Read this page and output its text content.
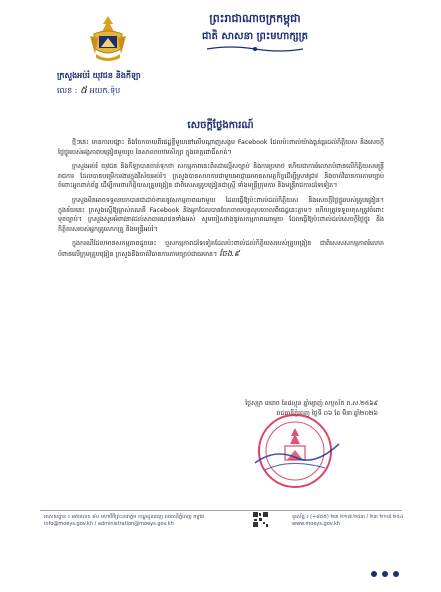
ព្រះរាជាណាចក្រកម្ពុជា
ជាតិ សាសនា ព្រះមហាក្សត្រ
ក្រសួងអប់រំ យុវជន និងកីឡា
លេខ : ៥ អយក.ទ៉ុប
សេចក្តីថ្លែងការណ៍

ថ្មីៗនេះ មានការបង្ហោះ និងចែកចាយពីផេដ្ឋខ្លីមួយនៅលើបណ្ដាញសង្គម Facebook ដែលប៉ះពាល់យ៉ាងធ្ងន់ធ្ងរដល់កិត្តិយស និងសេចក្តីថ្លៃថ្នូររបស់អង្គភាពបង្រៀនមួយរូប នៃសាលាបឋមសិក្សា ក្នុងខេត្តពោធិ៍សាត់។

ក្រសួងអប់រំ យុវជន និងកីឡាបានចាត់ទុកថា សកម្មភាពនេះពិតជាល្មើសច្បាប់ និងការប្រមាថ ហើយជាការរំលោភបំពានលើកិត្តិយសមន្ត្រីរាជការ ដែលបានបម្រើការងារក្នុងវិស័យអប់រំ។ ក្រសួងបានសហការជាមួយអាជ្ញាធរមានសមត្ថកិច្ចដើម្បីស្រាវជ្រាវ និងចាត់វិធានការតាមច្បាប់ចំពោះអ្នកពាក់ព័ន្ធ ដើម្បីការពារកិត្តិយសគ្រូបង្រៀន ជាពិសេសគ្រូបង្រៀនជាស្ត្រី ទាំងមន្ត្រីក្រុមការ និងមន្ត្រីរាជការដទៃទៀត។

ក្រសួងមិនអាចទទួលយកបានជាដាច់ខាតនូវសកម្មភាពណាមួយ ដែលធ្វើឱ្យប៉ះពាល់ដល់កិត្តិយស និងសេចក្តីថ្លៃថ្នូររបស់គ្រូបង្រៀន។ ក្នុងន័យនេះ ក្រសួងស្នើឱ្យម្ចាស់គណនី Facebook និងអ្នកដែលបានចែកចាយបន្តលុបចោលពីផេដ្ឋនេះភ្លាមៗ ហើយត្រូវទទួលខុសត្រូវចំពោះមុខច្បាប់។ ក្រសួងសូមអំពាវនាវដល់សាធារណជនទាំងអស់ សូមចៀសវាងនូវសកម្មភាពណាមួយ ដែលធ្វើឱ្យប៉ះពាល់ដល់សេចក្តីថ្លៃថ្នូរ និងកិត្តិយសរបស់អ្នកគ្រូលោកគ្រូ និងមន្ត្រីអប់រំ។

ក្នុងករណីដែលមានសកម្មភាពដូចនេះ ឬសកម្មភាពដទៃទៀតដែលប៉ះពាល់ដល់កិត្តិយសរបស់គ្រូបង្រៀន ជាពិសេសសកម្មភាពរំលោភបំពានលើក្រុមគ្រូបង្រៀន ក្រសួងនឹងចាត់វិធានការតាមច្បាប់ជាធរមាន។ ចែង.៩

ថ្ងៃសុក្រ ៣រោច ខែផល្គុន ឆ្នាំម្សាញ់ សប្តស័ក ព.ស.២៥៦៩
រាជធានីភ្នំពេញ ថ្ងៃទី ០៦ ខែ មីនា ឆ្នាំ២០២៦
អាសយដ្ឋាន ៖ អគារលេខ ៨០ មហាវិថីព្រះនរោត្តម ខណ្ឌដូនពេញ រាជធានីភ្នំពេញ កម្ពុជា
info@moeys.gov.kh / administration@moeys.gov.kh
ទូរស័ព្ទ ៖ (+៨៥៥) ២៣ ២១៧ ២៥៣ / ២៣ ២១៧ ២៥៤
www.moeys.gov.kh
